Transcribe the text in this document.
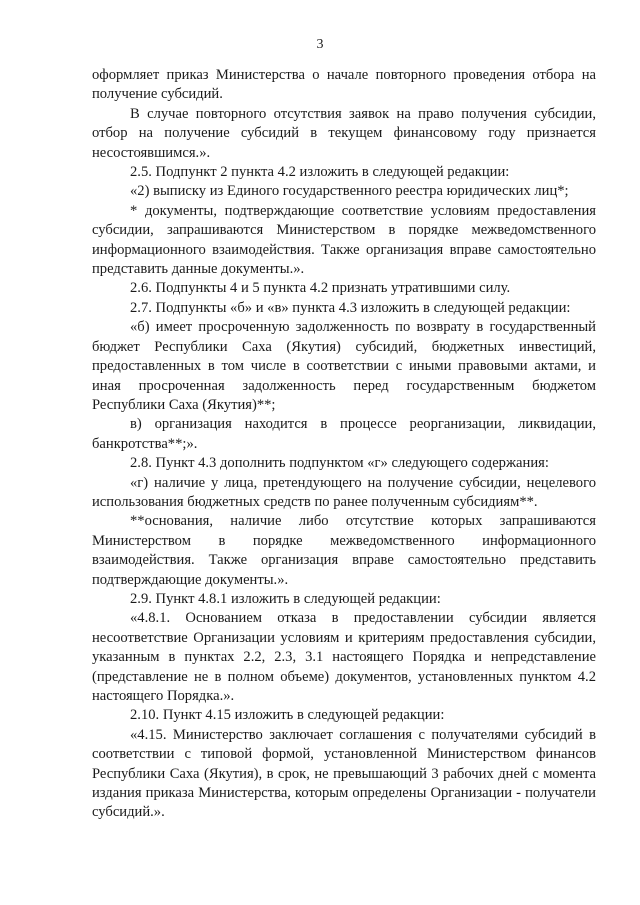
3

оформляет приказ Министерства о начале повторного проведения отбора на получение субсидий.

В случае повторного отсутствия заявок на право получения субсидии, отбор на получение субсидий в текущем финансовому году признается несостоявшимся.».

2.5. Подпункт 2 пункта 4.2 изложить в следующей редакции:

«2) выписку из Единого государственного реестра юридических лиц*;

* документы, подтверждающие соответствие условиям предоставления субсидии, запрашиваются Министерством в порядке межведомственного информационного взаимодействия. Также организация вправе самостоятельно представить данные документы.».

2.6. Подпункты 4 и 5 пункта 4.2 признать утратившими силу.

2.7. Подпункты «б» и «в» пункта 4.3 изложить в следующей редакции:

«б) имеет просроченную задолженность по возврату в государственный бюджет Республики Саха (Якутия) субсидий, бюджетных инвестиций, предоставленных в том числе в соответствии с иными правовыми актами, и иная просроченная задолженность перед государственным бюджетом Республики Саха (Якутия)**;

в) организация находится в процессе реорганизации, ликвидации, банкротства**;».

2.8. Пункт 4.3 дополнить подпунктом «г» следующего содержания:

«г) наличие у лица, претендующего на получение субсидии, нецелевого использования бюджетных средств по ранее полученным субсидиям**.

**основания, наличие либо отсутствие которых запрашиваются Министерством в порядке межведомственного информационного взаимодействия. Также организация вправе самостоятельно представить подтверждающие документы.».

2.9. Пункт 4.8.1 изложить в следующей редакции:

«4.8.1. Основанием отказа в предоставлении субсидии является несоответствие Организации условиям и критериям предоставления субсидии, указанным в пунктах 2.2, 2.3, 3.1 настоящего Порядка и непредставление (представление не в полном объеме) документов, установленных пунктом 4.2 настоящего Порядка.».

2.10. Пункт 4.15 изложить в следующей редакции:

«4.15. Министерство заключает соглашения с получателями субсидий в соответствии с типовой формой, установленной Министерством финансов Республики Саха (Якутия), в срок, не превышающий 3 рабочих дней с момента издания приказа Министерства, которым определены Организации - получатели субсидий.».
